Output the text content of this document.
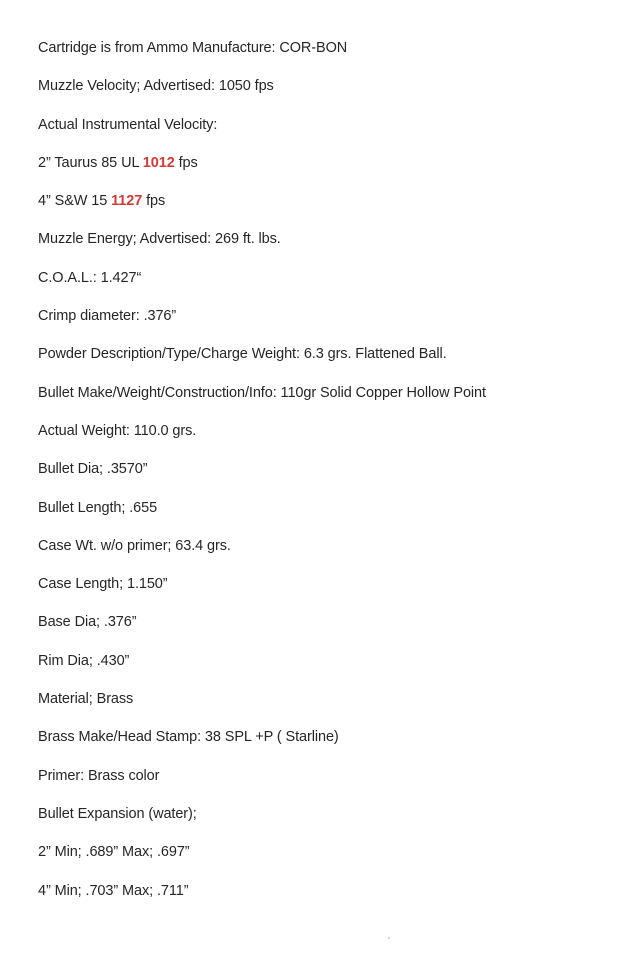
Cartridge is from Ammo Manufacture: COR-BON
Muzzle Velocity; Advertised: 1050 fps
Actual Instrumental Velocity:
2” Taurus 85 UL 1012 fps
4” S&W 15 1127 fps
Muzzle Energy; Advertised: 269 ft. lbs.
C.O.A.L.: 1.427“
Crimp diameter: .376”
Powder Description/Type/Charge Weight: 6.3 grs. Flattened Ball.
Bullet Make/Weight/Construction/Info: 110gr Solid Copper Hollow Point
Actual Weight: 110.0 grs.
Bullet Dia; .3570”
Bullet Length; .655
Case Wt. w/o primer; 63.4 grs.
Case Length; 1.150”
Base Dia; .376”
Rim Dia; .430”
Material; Brass
Brass Make/Head Stamp: 38 SPL +P ( Starline)
Primer: Brass color
Bullet Expansion (water);
2” Min; .689” Max; .697”
4” Min; .703” Max; .711”
